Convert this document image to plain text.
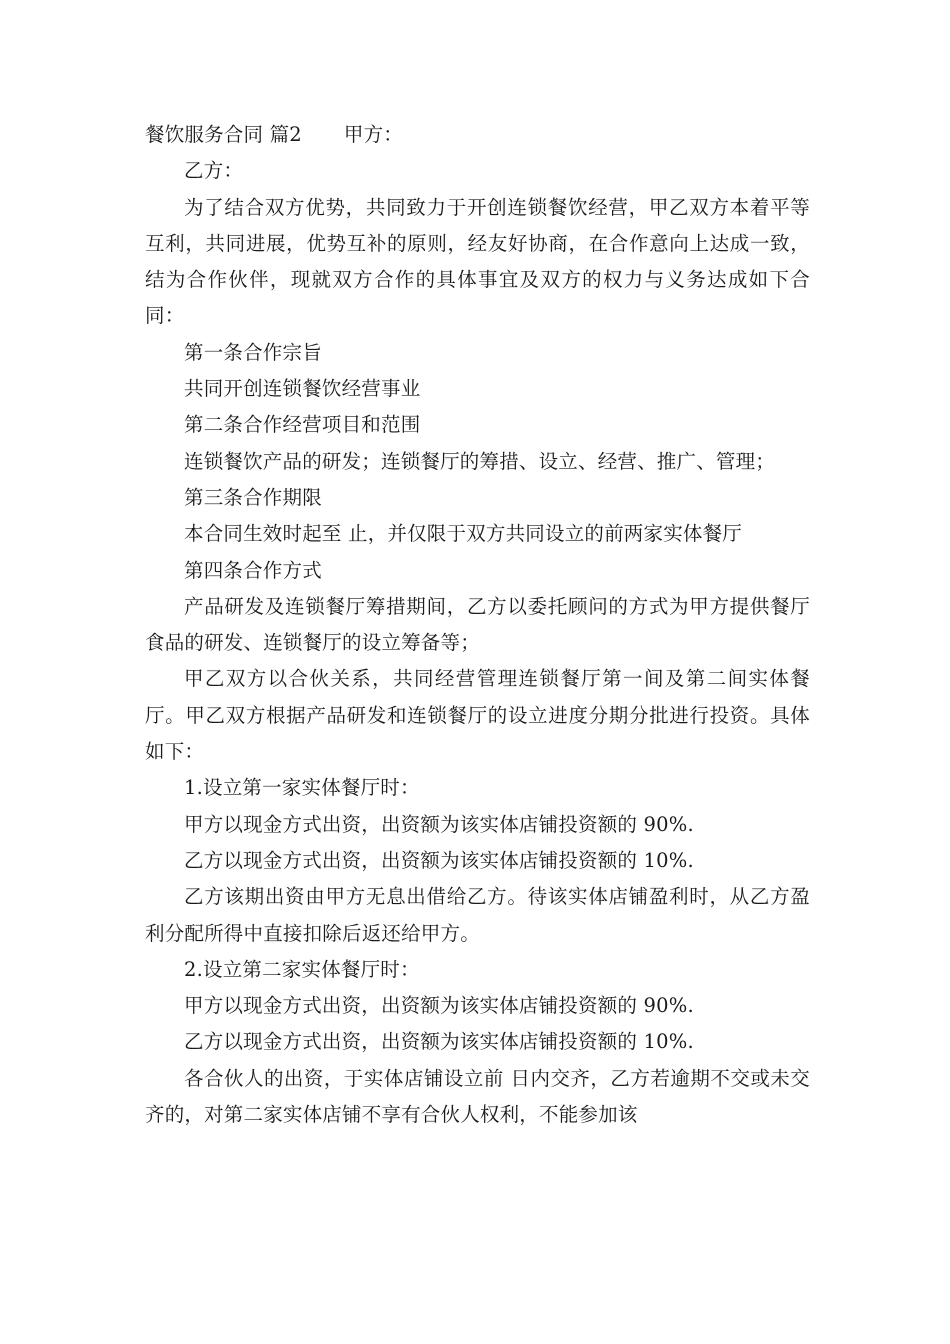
餐饮服务合同 篇2 甲方：

乙方：

为了结合双方优势，共同致力于开创连锁餐饮经营，甲乙双方本着平等互利，共同进展，优势互补的原则，经友好协商，在合作意向上达成一致，结为合作伙伴，现就双方合作的具体事宜及双方的权力与义务达成如下合同：

第一条合作宗旨

共同开创连锁餐饮经营事业

第二条合作经营项目和范围

连锁餐饮产品的研发；连锁餐厅的筹措、设立、经营、推广、管理；

第三条合作期限

本合同生效时起至 止，并仅限于双方共同设立的前两家实体餐厅

第四条合作方式

产品研发及连锁餐厅筹措期间，乙方以委托顾问的方式为甲方提供餐厅食品的研发、连锁餐厅的设立筹备等；

甲乙双方以合伙关系，共同经营管理连锁餐厅第一间及第二间实体餐厅。甲乙双方根据产品研发和连锁餐厅的设立进度分期分批进行投资。具体如下：

1.设立第一家实体餐厅时：

甲方以现金方式出资，出资额为该实体店铺投资额的 90%.

乙方以现金方式出资，出资额为该实体店铺投资额的 10%.

乙方该期出资由甲方无息出借给乙方。待该实体店铺盈利时，从乙方盈利分配所得中直接扣除后返还给甲方。

2.设立第二家实体餐厅时：

甲方以现金方式出资，出资额为该实体店铺投资额的 90%.

乙方以现金方式出资，出资额为该实体店铺投资额的 10%.

各合伙人的出资，于实体店铺设立前 日内交齐，乙方若逾期不交或未交齐的，对第二家实体店铺不享有合伙人权利，不能参加该
